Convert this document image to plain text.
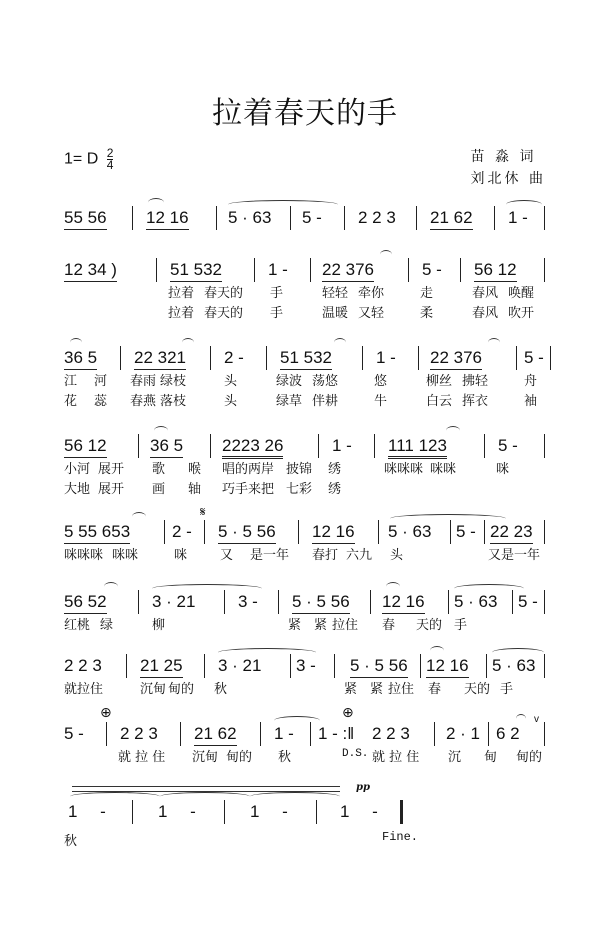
拉着春天的手
1= D $\frac{2}{4}$	苗 淼 词
刘北休 曲
55 56 12 16 5 · 63 5 - 2 2 3 21 62 1 -
12 34 )	51 532	1 - 22 376	5 - 56 12
拉着 春天的 手	轻轻 牵你	走	春风 唤醒
拉着 春天的 手	温暖 又轻	柔	春风 吹开
36 5 22 321 2 - 51 532	1 - 22 376 5 -
江 河 春雨 绿枝	头	绿波 荡悠	悠	柳丝 拂轻	舟
花 蕊 春燕 落枝	头	绿草 伴耕	牛	白云 挥衣	袖
56 12	36 5 2223 26	1 - 111 123	5 -
小河 展开 歌 喉 唱的两岸 披锦 绣	咪咪咪 咪咪	咪
大地 展开 画 轴 巧手来把 七彩 绣
5 55 653 2 -
𝄋
5 · 5 56 12 16 5 · 63 5 - 22 23
咪咪咪 咪咪	咪	又 是一年 春打 六九 头	又是 一年
56 52	3 · 21	3 - 5 · 5 56 12 16 5 · 63 5 -
红桃 绿	柳	紧 紧 拉住 春 天的 手
2 2 3 21 25 3 · 21 3 - 5 · 5 56 12 16 5 · 63
就拉住	沉甸 甸的 秋	紧 紧 拉住 春 天的 手
5 -
⊕
2 2 3 21 62 1 - 1 - :‖
⊕
2 2 3 2 · 1 6 2
v
就 拉 住 沉甸 甸的 秋	D.S. 就 拉 住 沉 甸 甸的
pp
1 -	1 -	1 -	1 -
秋	Fine.
